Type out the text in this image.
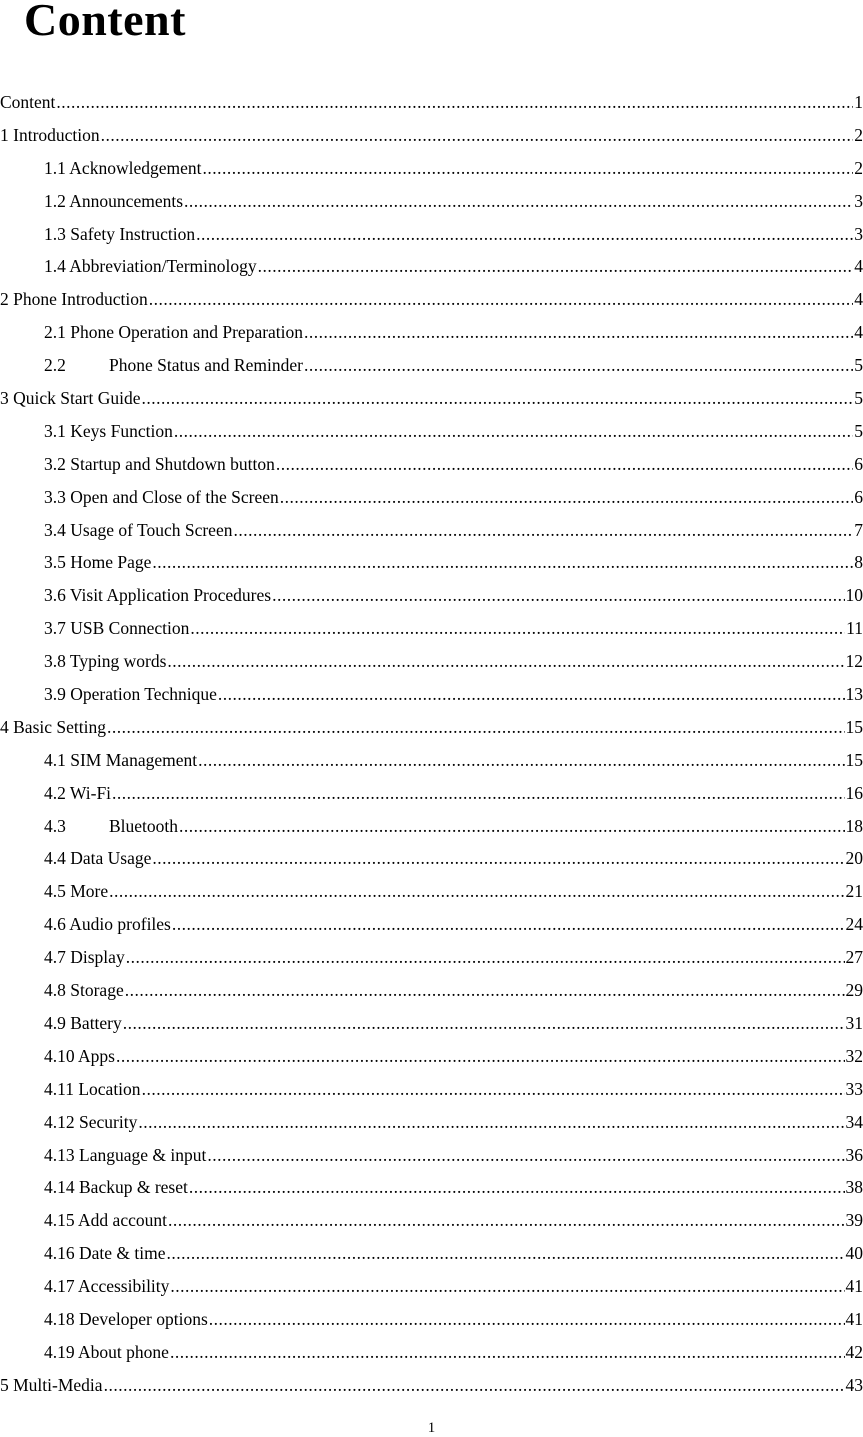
Content
Content .....	1
1 Introduction .....	2
1.1 Acknowledgement .....	2
1.2 Announcements .....	3
1.3 Safety Instruction .....	3
1.4 Abbreviation/Terminology .....	4
2 Phone Introduction .....	4
2.1 Phone Operation and Preparation .....	4
2.2 Phone Status and Reminder .....	5
3 Quick Start Guide .....	5
3.1 Keys Function .....	5
3.2 Startup and Shutdown button .....	6
3.3 Open and Close of the Screen .....	6
3.4 Usage of Touch Screen .....	7
3.5 Home Page .....	8
3.6 Visit Application Procedures .....	10
3.7 USB Connection .....	11
3.8 Typing words .....	12
3.9 Operation Technique .....	13
4 Basic Setting .....	15
4.1 SIM Management .....	15
4.2 Wi-Fi .....	16
4.3 Bluetooth .....	18
4.4 Data Usage .....	20
4.5 More .....	21
4.6 Audio profiles .....	24
4.7 Display .....	27
4.8 Storage .....	29
4.9 Battery .....	31
4.10 Apps .....	32
4.11 Location .....	33
4.12 Security .....	34
4.13 Language & input .....	36
4.14 Backup & reset .....	38
4.15 Add account .....	39
4.16 Date & time .....	40
4.17 Accessibility .....	41
4.18 Developer options .....	41
4.19 About phone .....	42
5 Multi-Media .....	43
1
